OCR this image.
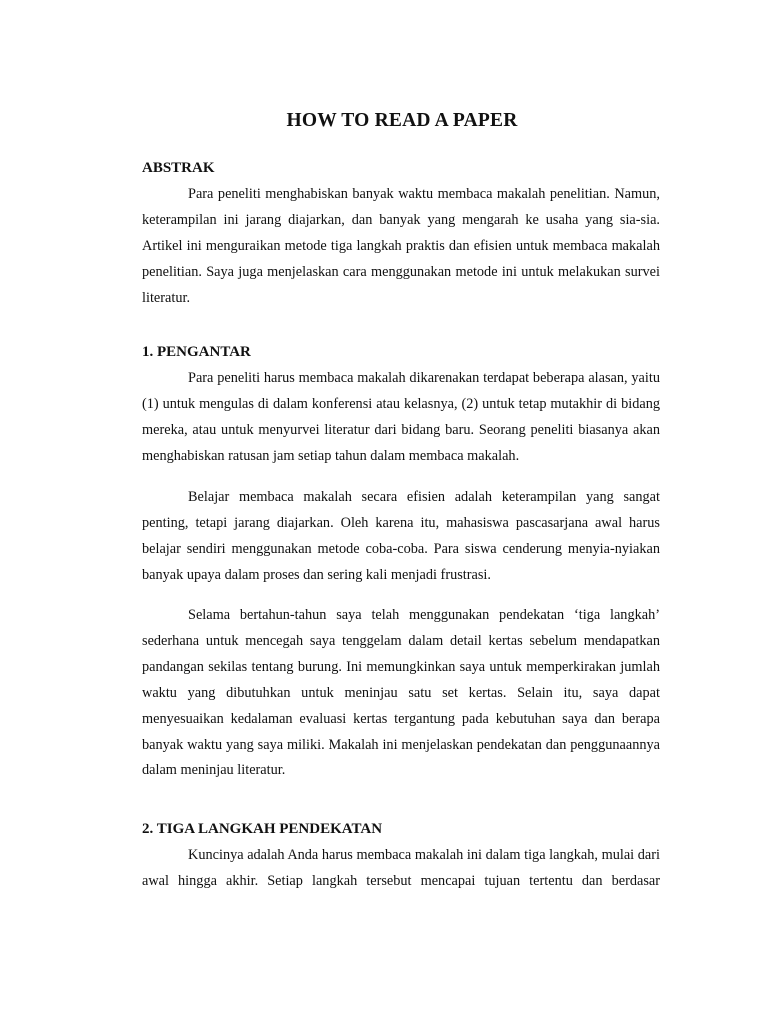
HOW TO READ A PAPER
ABSTRAK

Para peneliti menghabiskan banyak waktu membaca makalah penelitian. Namun, keterampilan ini jarang diajarkan, dan banyak yang mengarah ke usaha yang sia-sia. Artikel ini menguraikan metode tiga langkah praktis dan efisien untuk membaca makalah penelitian. Saya juga menjelaskan cara menggunakan metode ini untuk melakukan survei literatur.

1. PENGANTAR

Para peneliti harus membaca makalah dikarenakan terdapat beberapa alasan, yaitu (1) untuk mengulas di dalam konferensi atau kelasnya, (2) untuk tetap mutakhir di bidang mereka, atau untuk menyurvei literatur dari bidang baru. Seorang peneliti biasanya akan menghabiskan ratusan jam setiap tahun dalam membaca makalah.

Belajar membaca makalah secara efisien adalah keterampilan yang sangat penting, tetapi jarang diajarkan. Oleh karena itu, mahasiswa pascasarjana awal harus belajar sendiri menggunakan metode coba-coba. Para siswa cenderung menyia-nyiakan banyak upaya dalam proses dan sering kali menjadi frustrasi.

Selama bertahun-tahun saya telah menggunakan pendekatan ‘tiga langkah’ sederhana untuk mencegah saya tenggelam dalam detail kertas sebelum mendapatkan pandangan sekilas tentang burung. Ini memungkinkan saya untuk memperkirakan jumlah waktu yang dibutuhkan untuk meninjau satu set kertas. Selain itu, saya dapat menyesuaikan kedalaman evaluasi kertas tergantung pada kebutuhan saya dan berapa banyak waktu yang saya miliki. Makalah ini menjelaskan pendekatan dan penggunaannya dalam meninjau literatur.

2. TIGA LANGKAH PENDEKATAN

Kuncinya adalah Anda harus membaca makalah ini dalam tiga langkah, mulai dari awal hingga akhir. Setiap langkah tersebut mencapai tujuan tertentu dan berdasar
